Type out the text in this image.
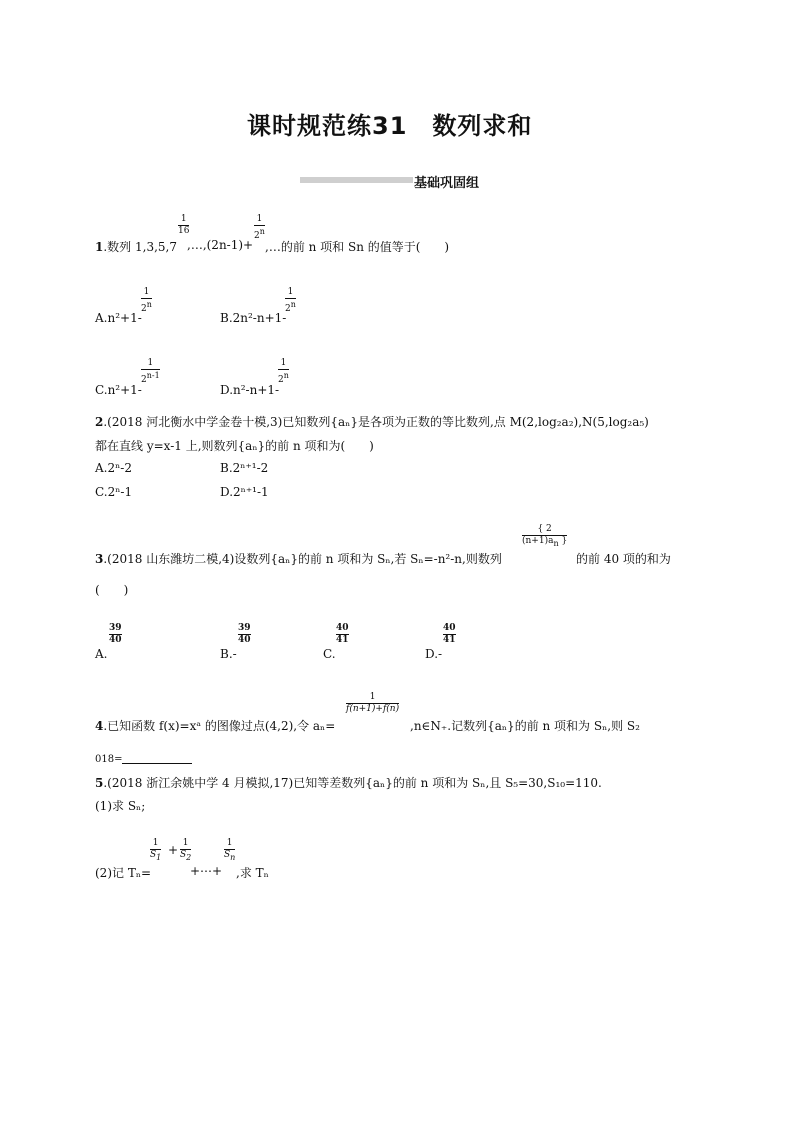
课时规范练31　数列求和
基础巩固组
1.数列 1,3,5,7
1
16
,…,(2n-1)+
1
2$^n$
,…的前 n 项和 Sn 的值等于(　　)
A.n²+1-
1
2$^n$
B.2n²-n+1-
1
2$^n$
C.n²+1-
1
2$^{n-1}$
D.n²-n+1-
1
2$^n$
2.(2018 河北衡水中学金卷十模,3)已知数列{aₙ}是各项为正数的等比数列,点 M(2,log₂a₂),N(5,log₂a₅)
都在直线 y=x-1 上,则数列{aₙ}的前 n 项和为(　　)
A.2ⁿ-2	B.2ⁿ⁺¹-2
C.2ⁿ-1	D.2ⁿ⁺¹-1
3.(2018 山东潍坊二模,4)设数列{aₙ}的前 n 项和为 Sₙ,若 Sₙ=-n²-n,则数列
{ 2
$(n+1)a_n$ }
的前 40 项的和为
(　　)
A.
39
40
B.-
39
40
C.
40
41
D.-
40
41
4.已知函数 f(x)=xᵃ 的图像过点(4,2),令 aₙ=
1
f(n+1)+f(n)
,n∈N₊.记数列{aₙ}的前 n 项和为 Sₙ,则 S₂
018=
5.(2018 浙江余姚中学 4 月模拟,17)已知等差数列{aₙ}的前 n 项和为 Sₙ,且 S₅=30,S₁₀=110.
(1)求 Sₙ;
(2)记 Tₙ=
1
$S_1$
+ 1
$S_2$
+⋯+
1
$S_n$
,求 Tₙ
